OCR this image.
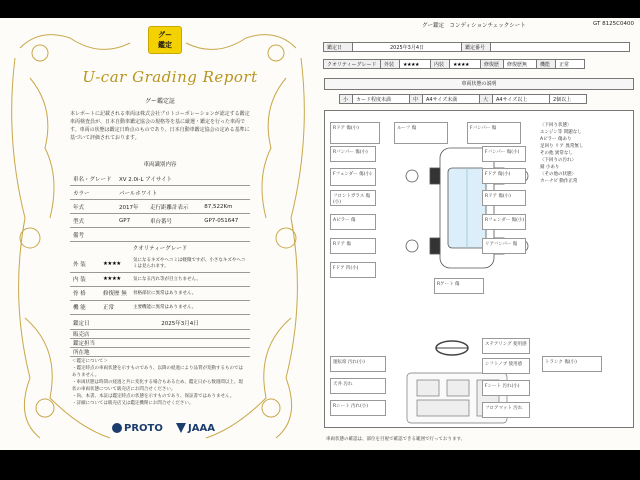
グー
鑑定
U-car Grading Report
グー鑑定証
本レポートに記載される車両は株式会社プロトコーポレーションが認定する鑑定車両検査員が、日本自動車鑑定協会の規格等を基に厳選・鑑定を行った車両です。車両の状態は鑑定日時点のものであり、日本自動車鑑定協会の定める基準に基づいて評価されております。
車両識別内容
車名・グレード	XV 2.0i-L アイサイト		
カラー	パールホワイト		
年式	2017年	走行距離計表示	87,522Km
型式	GP7	車台番号	GP7-051647
備考			
クオリティーグレード
外 装	★★★★	気になるキズやヘコミは軽微ですが、小さなキズやヘコミは見られます。
内 装	★★★★	気になる汚れ等が目立ちません。
骨 格	修復歴 無	骨格部位に異常はありません。
機 能	正常	主要機能に異常はありません。
鑑定日	2025年3月4日
販売店	
鑑定担当	
所在地	
＜鑑定について＞
・鑑定時点の車両状態を示すものであり、以降の経過により品質が変動するものではありません。
・車両状態は時間の経過と共に変化する場合もあるため、鑑定日から数週間以上、現状の車両状態について販売店にお問合せください。
・尚、本書、本証は鑑定時点の状態を示すものであり、保証書ではありません。
・詳細については販売店又は鑑定機関にお問合せください。
PROTO	JAAA
グー鑑定　コンディションチェックシート	GT 8125C0400
鑑定日	2025年3月4日	鑑定番号
クオリティーグレード	外装	★★★★	内装	★★★★	修復歴	修復歴無	機能	正常
車両状態の説明
小	カード程度未満	中	A4サイズ未満	大	A4サイズ以上	2個以上
Rドア 傷(小)	ルーフ 傷	Fバンパー 傷
Fバンパー 傷(小)
Rバンパー 傷(小)
Fフェンダー 傷(小)	Fドア 傷(小)
フロントガラス 傷(小)
Rドア 傷(小)
Aピラー 傷	Rフェンダー 傷(小)
Rドア 傷	リアバンパー 傷
Fドア 凹(小)
Rゲート 傷
ステアリング 使用感
運転席 汚れ(小)	シフトノブ 使用感
天井 汚れ	Fシート 汚れ(小)
Rシート 汚れ(小)	フロアマット 汚れ
トランク 傷(小)
〈下回り状態〉
エンジン等 問題なし
Aピラー 傷あり
足回り リア 異常無し
その他 異常なし
〈下回りの汚れ〉
錆 小あり
〈その他の状態〉
カーナビ 動作正常
車両状態の確認は、部位を目視で確認できる範囲で行っております。
